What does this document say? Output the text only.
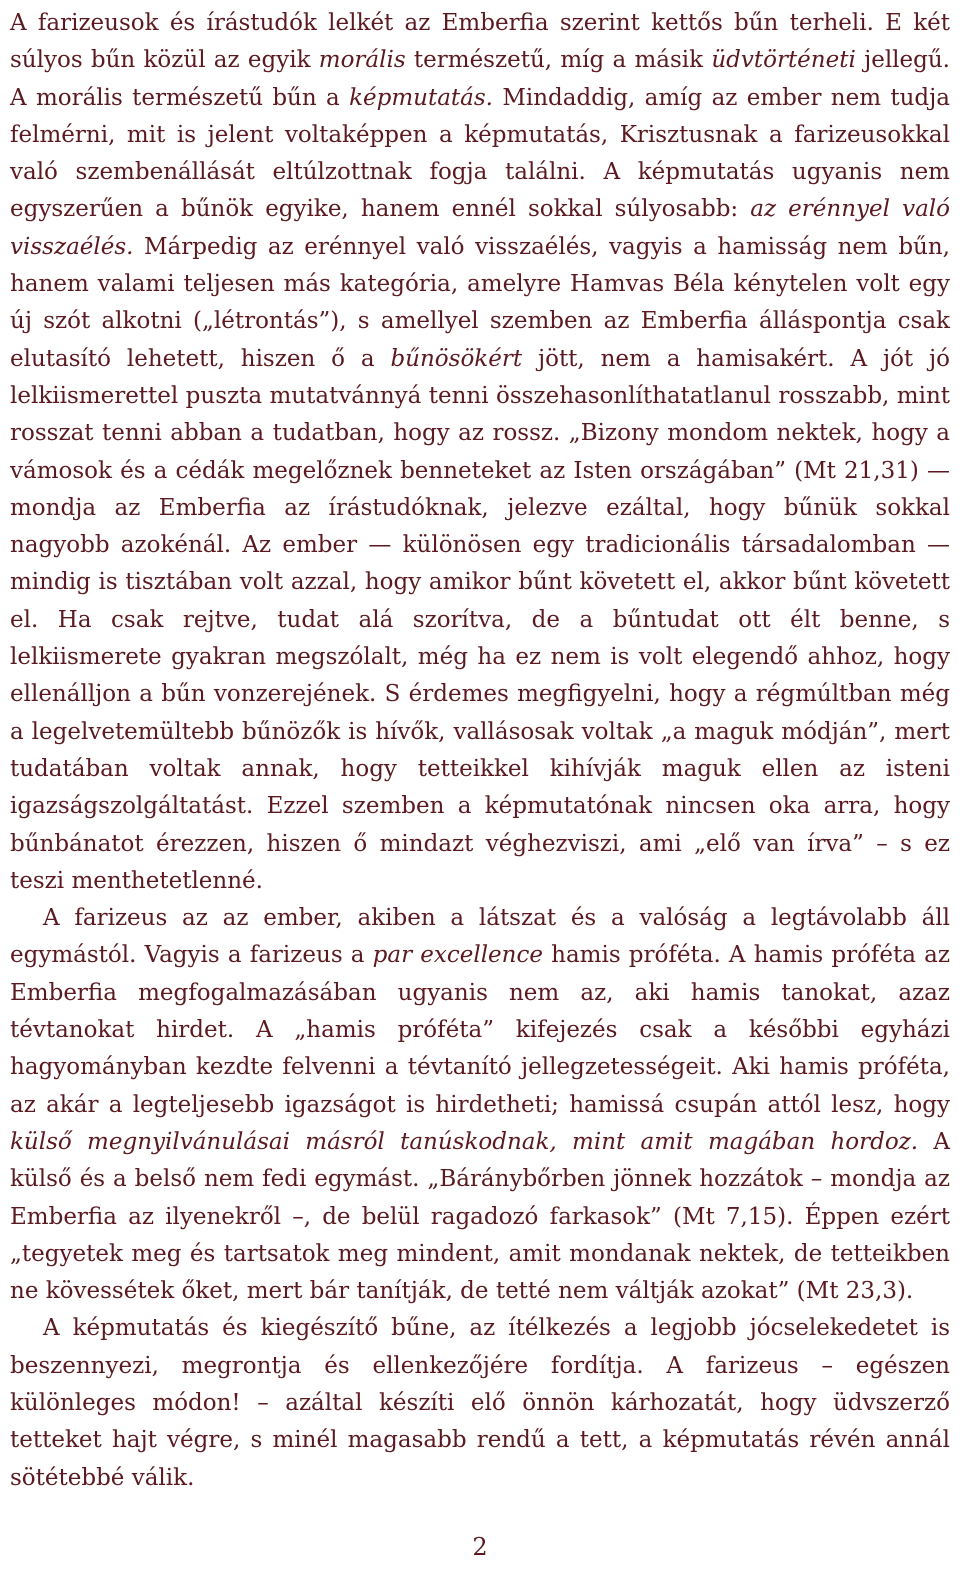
A farizeusok és írástudók lelkét az Emberfia szerint kettős bűn terheli. E két súlyos bűn közül az egyik morális természetű, míg a másik üdvtörténeti jellegű. A morális természetű bűn a képmutatás. Mindaddig, amíg az ember nem tudja felmérni, mit is jelent voltaképpen a képmutatás, Krisztusnak a farizeusokkal való szembenállását eltúlzottnak fogja találni. A képmutatás ugyanis nem egyszerűen a bűnök egyike, hanem ennél sokkal súlyosabb: az erénnyel való visszaélés. Márpedig az erénnyel való visszaélés, vagyis a hamisság nem bűn, hanem valami teljesen más kategória, amelyre Hamvas Béla kénytelen volt egy új szót alkotni („létrontás”), s amellyel szemben az Emberfia álláspontja csak elutasító lehetett, hiszen ő a bűnösökért jött, nem a hamisakért. A jót jó lelkiismerettel puszta mutatvánnyá tenni összehasonlíthatatlanul rosszabb, mint rosszat tenni abban a tudatban, hogy az rossz. „Bizony mondom nektek, hogy a vámosok és a cédák megelőznek benneteket az Isten országában” (Mt 21,31) — mondja az Emberfia az írástudóknak, jelezve ezáltal, hogy bűnük sokkal nagyobb azokénál. Az ember — különösen egy tradicionális társadalomban — mindig is tisztában volt azzal, hogy amikor bűnt követett el, akkor bűnt követett el. Ha csak rejtve, tudat alá szorítva, de a bűntudat ott élt benne, s lelkiismerete gyakran megszólalt, még ha ez nem is volt elegendő ahhoz, hogy ellenálljon a bűn vonzerejének. S érdemes megfigyelni, hogy a régmúltban még a legelvetemültebb bűnözők is hívők, vallásosak voltak „a maguk módján”, mert tudatában voltak annak, hogy tetteikkel kihívják maguk ellen az isteni igazságszolgáltatást. Ezzel szemben a képmutatónak nincsen oka arra, hogy bűnbánatot érezzen, hiszen ő mindazt véghezviszi, ami „elő van írva” – s ez teszi menthetetlenné.

A farizeus az az ember, akiben a látszat és a valóság a legtávolabb áll egymástól. Vagyis a farizeus a par excellence hamis próféta. A hamis próféta az Emberfia megfogalmazásában ugyanis nem az, aki hamis tanokat, azaz tévtanokat hirdet. A „hamis próféta” kifejezés csak a későbbi egyházi hagyományban kezdte felvenni a tévtanító jellegzetességeit. Aki hamis próféta, az akár a legteljesebb igazságot is hirdetheti; hamissá csupán attól lesz, hogy külső megnyilvánulásai másról tanúskodnak, mint amit magában hordoz. A külső és a belső nem fedi egymást. „Báránybőrben jönnek hozzátok – mondja az Emberfia az ilyenekről –, de belül ragadozó farkasok” (Mt 7,15). Éppen ezért „tegyetek meg és tartsatok meg mindent, amit mondanak nektek, de tetteikben ne kövessétek őket, mert bár tanítják, de tetté nem váltják azokat” (Mt 23,3).

A képmutatás és kiegészítő bűne, az ítélkezés a legjobb jócselekedetet is beszennyezi, megrontja és ellenkezőjére fordítja. A farizeus – egészen különleges módon! – azáltal készíti elő önnön kárhozatát, hogy üdvszerző tetteket hajt végre, s minél magasabb rendű a tett, a képmutatás révén annál sötétebbé válik.

2
